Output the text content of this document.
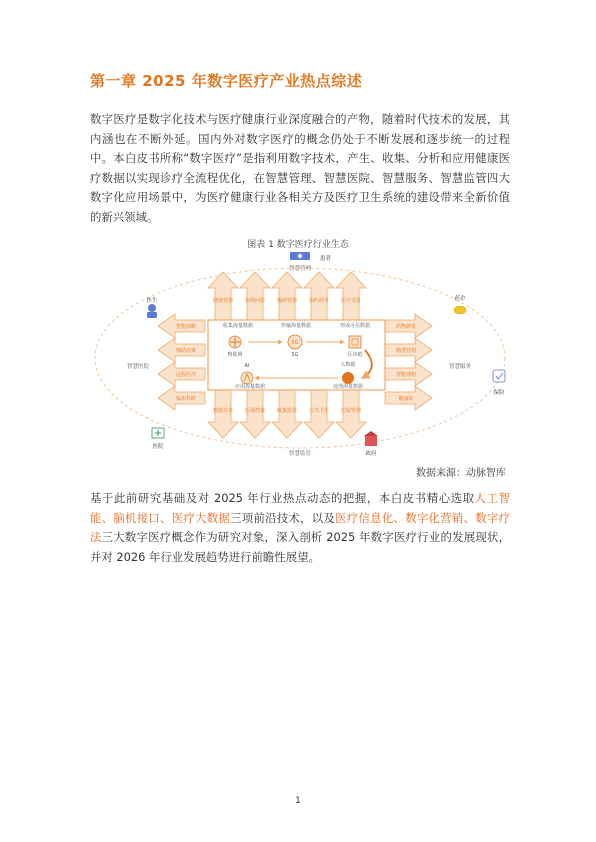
第一章 2025 年数字医疗产业热点综述

数字医疗是数字化技术与医疗健康行业深度融合的产物，随着时代技术的发展，其内涵也在不断外延。国内外对数字医疗的概念仍处于不断发展和逐步统一的过程中。本白皮书所称“数字医疗”是指利用数字技术，产生、收集、分析和应用健康医疗数据以实现诊疗全流程优化，在智慧管理、智慧医院、智慧服务、智慧监管四大数字化应用场景中，为医疗健康行业各相关方及医疗卫生系统的建设带来全新价值的新兴领域。

图表 1 数字医疗行业生态
健康管理 在线问诊 慢病管理 预约挂号 医疗支付
数据共享 医保控费 政策监管 公共卫生 医院管理
智能诊断
辅助决策
远程医疗
临床科研
药物研发
精准营销
智能理赔
健康险
收集海量数据	传输海量数据	形成可信数据
物联网
5G
5G	区块链
大数据
AI
应用海量数据	处理海量数据
智慧管理
智慧医院	智慧服务
智慧监管
患者
医生	药企
医院
保险
政府
数据来源：动脉智库

基于此前研究基础及对 2025 年行业热点动态的把握，本白皮书精心选取人工智能、脑机接口、医疗大数据三项前沿技术，以及医疗信息化、数字化营销、数字疗法三大数字医疗概念作为研究对象，深入剖析 2025 年数字医疗行业的发展现状，并对 2026 年行业发展趋势进行前瞻性展望。

1
